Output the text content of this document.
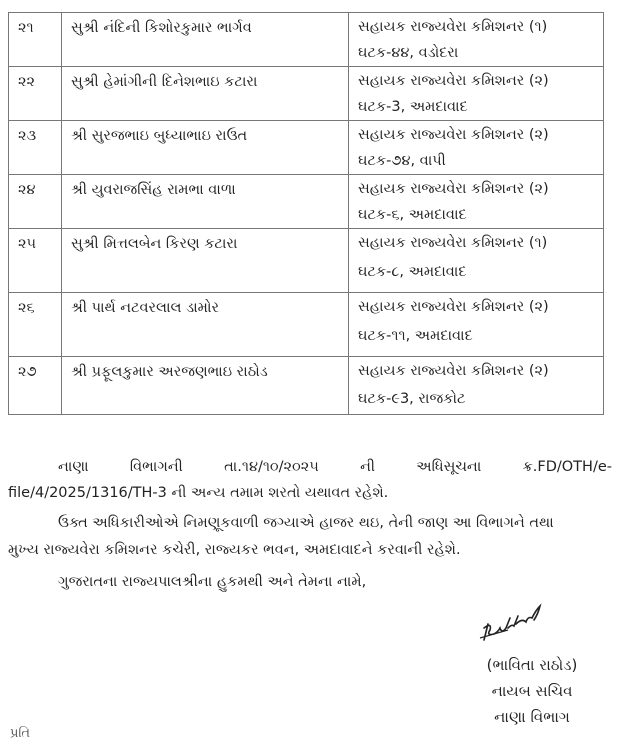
૨૧	સુશ્રી નંદિની કિશોરકુમાર ભાર્ગવ	સહાયક રાજ્યવેરા કમિશનર (૧)
ઘટક-૪૪, વડોદરા

૨૨	સુશ્રી હેમાંગીની દિનેશભાઇ કટારા	સહાયક રાજ્યવેરા કમિશનર (૨)
ઘટક-3, અમદાવાદ

૨૩	શ્રી સુરજભાઇ બુધ્યાભાઇ રાઉત	સહાયક રાજ્યવેરા કમિશનર (૨)
ઘટક-૭૪, વાપી

૨૪	શ્રી યુવરાજસિંહ રામભા વાળા	સહાયક રાજ્યવેરા કમિશનર (૨)
ઘટક-૬, અમદાવાદ

૨૫	સુશ્રી મિત્તલબેન કિરણ કટારા	સહાયક રાજ્યવેરા કમિશનર (૧)
ઘટક-૮, અમદાવાદ

૨૬	શ્રી પાર્થ નટવરલાલ ડામોર	સહાયક રાજ્યવેરા કમિશનર (૨)
ઘટક-૧૧, અમદાવાદ

૨૭	શ્રી પ્રફૂલકુમાર અરજણભાઇ રાઠોડ	સહાયક રાજ્યવેરા કમિશનર (૨)
ઘટક-૯3, રાજકોટ

નાણા વિભાગની તા.૧૪/૧૦/૨૦૨૫ ની અધિસૂચના ક્ર.FD/OTH/e-

file/4/2025/1316/TH-3 ની અન્ય તમામ શરતો યથાવત રહેશે.

ઉક્ત અધિકારીઓએ નિમણૂકવાળી જગ્યાએ હાજર થઇ, તેની જાણ આ વિભાગને તથા

મુખ્ય રાજ્યવેરા કમિશનર કચેરી, રાજ્યકર ભવન, અમદાવાદને કરવાની રહેશે.

ગુજરાતના રાજ્યપાલશ્રીના હુકમથી અને તેમના નામે,

(ભાવિતા રાઠોડ)
નાયબ સચિવ
નાણા વિભાગ
પ્રતિ
